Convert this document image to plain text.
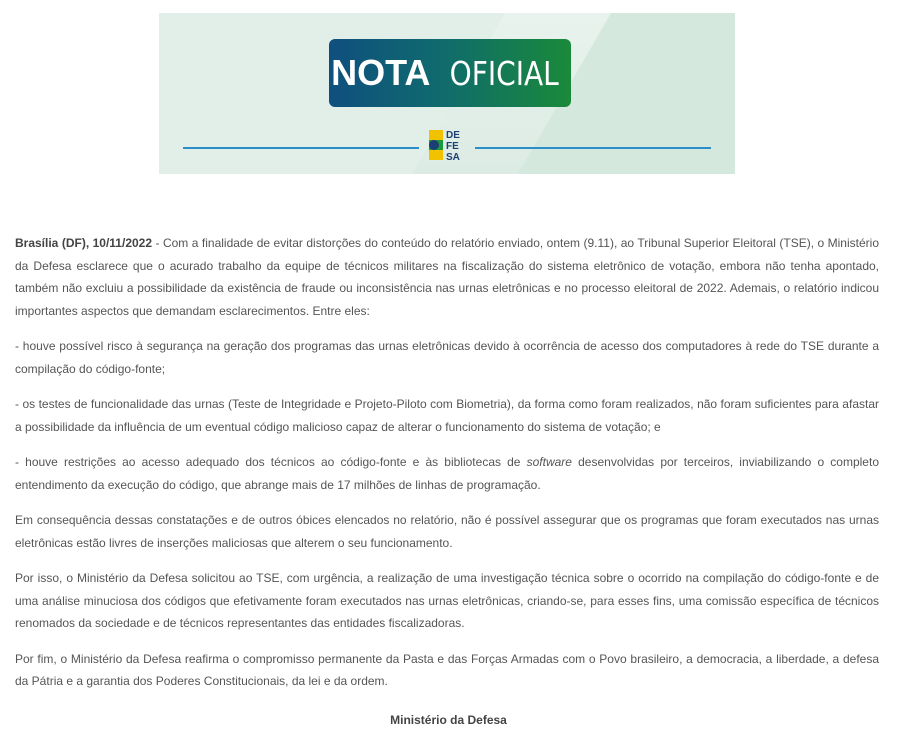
NOTA OFICIAL
DE
FE
SA

Brasília (DF), 10/11/2022 - Com a finalidade de evitar distorções do conteúdo do relatório enviado, ontem (9.11), ao Tribunal Superior Eleitoral (TSE), o Ministério da Defesa esclarece que o acurado trabalho da equipe de técnicos militares na fiscalização do sistema eletrônico de votação, embora não tenha apontado, também não excluiu a possibilidade da existência de fraude ou inconsistência nas urnas eletrônicas e no processo eleitoral de 2022. Ademais, o relatório indicou importantes aspectos que demandam esclarecimentos. Entre eles:

- houve possível risco à segurança na geração dos programas das urnas eletrônicas devido à ocorrência de acesso dos computadores à rede do TSE durante a compilação do código-fonte;

- os testes de funcionalidade das urnas (Teste de Integridade e Projeto-Piloto com Biometria), da forma como foram realizados, não foram suficientes para afastar a possibilidade da influência de um eventual código malicioso capaz de alterar o funcionamento do sistema de votação; e

- houve restrições ao acesso adequado dos técnicos ao código-fonte e às bibliotecas de software desenvolvidas por terceiros, inviabilizando o completo entendimento da execução do código, que abrange mais de 17 milhões de linhas de programação.

Em consequência dessas constatações e de outros óbices elencados no relatório, não é possível assegurar que os programas que foram executados nas urnas eletrônicas estão livres de inserções maliciosas que alterem o seu funcionamento.

Por isso, o Ministério da Defesa solicitou ao TSE, com urgência, a realização de uma investigação técnica sobre o ocorrido na compilação do código-fonte e de uma análise minuciosa dos códigos que efetivamente foram executados nas urnas eletrônicas, criando-se, para esses fins, uma comissão específica de técnicos renomados da sociedade e de técnicos representantes das entidades fiscalizadoras.

Por fim, o Ministério da Defesa reafirma o compromisso permanente da Pasta e das Forças Armadas com o Povo brasileiro, a democracia, a liberdade, a defesa da Pátria e a garantia dos Poderes Constitucionais, da lei e da ordem.

Ministério da Defesa
